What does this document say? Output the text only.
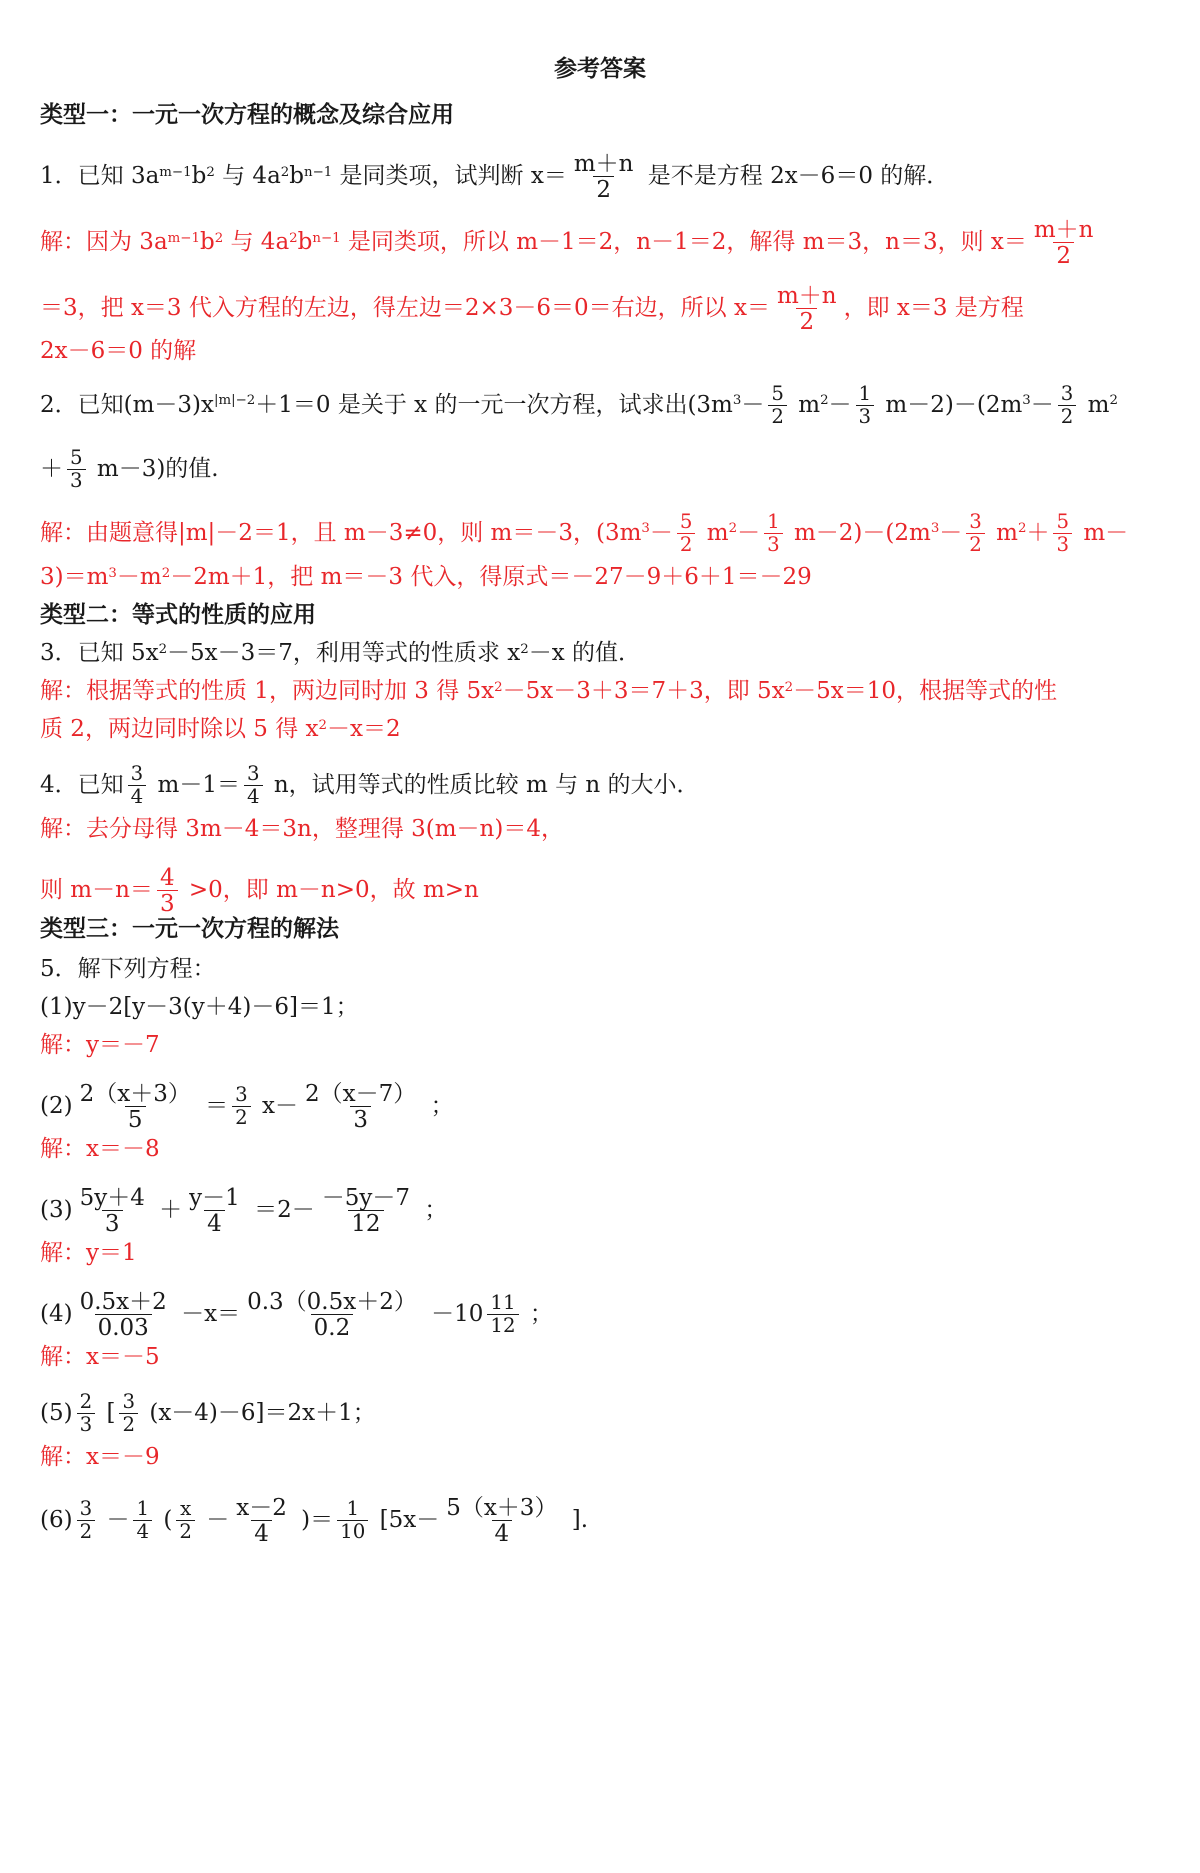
参考答案
类型一：一元一次方程的概念及综合应用
1．已知 $3a^{m-1}b^2$ 与 $4a^2b^{n-1}$ 是同类项，试判断 $x= \frac{m+n}{2}$ 是不是方程 2x－6＝0 的解．
解：因为 $3a^{m-1}b^2$ 与 $4a^2b^{n-1}$ 是同类项，所以 m－1＝2，n－1＝2，解得 m＝3，n＝3，则 $x= \frac{m+n}{2}$
＝3，把 x＝3 代入方程的左边，得左边＝2×3－6＝0＝右边，所以 $x= \frac{m+n}{2}$ ，即 x＝3 是方程
2x－6＝0 的解
2．已知$(m-3)x^{|m|-2}+1=0$ 是关于 x 的一元一次方程，试求出$(3m^3- \frac{5}{2} m^2- \frac{1}{3} m-2)-(2m^3- \frac{3}{2} m^2$
＋ $\frac{5}{3} m-3$)的值.
解：由题意得|m|－2＝1，且 m－3≠0，则 m＝－3，$(3m^3- \frac{5}{2} m^2- \frac{1}{3} m-2)-(2m^3- \frac{3}{2} m^2+ \frac{5}{3} m-$
$3)=m^3-m^2-2m+1$，把 m＝－3 代入，得原式＝－27－9＋6＋1＝－29
类型二：等式的性质的应用
3．已知 $5x^2-5x-3=7$，利用等式的性质求 $x^2-x$ 的值．
解：根据等式的性质 1，两边同时加 3 得 $5x^2-5x-3+3=7+3$，即 $5x^2-5x=10$，根据等式的性
质 2，两边同时除以 5 得 $x^2-x=2$
4．已知 $\frac{3}{4} m-1= \frac{3}{4}$ n，试用等式的性质比较 m 与 n 的大小．
解：去分母得 3m－4＝3n，整理得 3(m－n)＝4，
则 $m-n= \frac{4}{3} >0$，即 m－n>0，故 m>n
类型三：一元一次方程的解法
5．解下列方程：
(1)y－2[y－3(y＋4)－6]＝1；
解：y＝－7
$(2) \frac{2(x+3)}{5} = \frac{3}{2} x- \frac{2(x-7)}{3}$ ；
解：x＝－8
$(3) \frac{5y+4}{3} + \frac{y-1}{4} =2- \frac{-5y-7}{12}$ ；
解：y＝1
$(4) \frac{0.5x+2}{0.03} -x= \frac{0.3(0.5x+2)}{0.2} -10 \frac{11}{12}$ ；
解：x＝－5
$(5) \frac{2}{3}$ [ $\frac{3}{2} (x-4)-6]=2x+1$；
解：x＝－9
$(6) \frac{3}{2} - \frac{1}{4}$ ( $\frac{x}{2} - \frac{x-2}{4}$ )＝ $\frac{1}{10} [5x- \frac{5(x+3)}{4}$ ].
